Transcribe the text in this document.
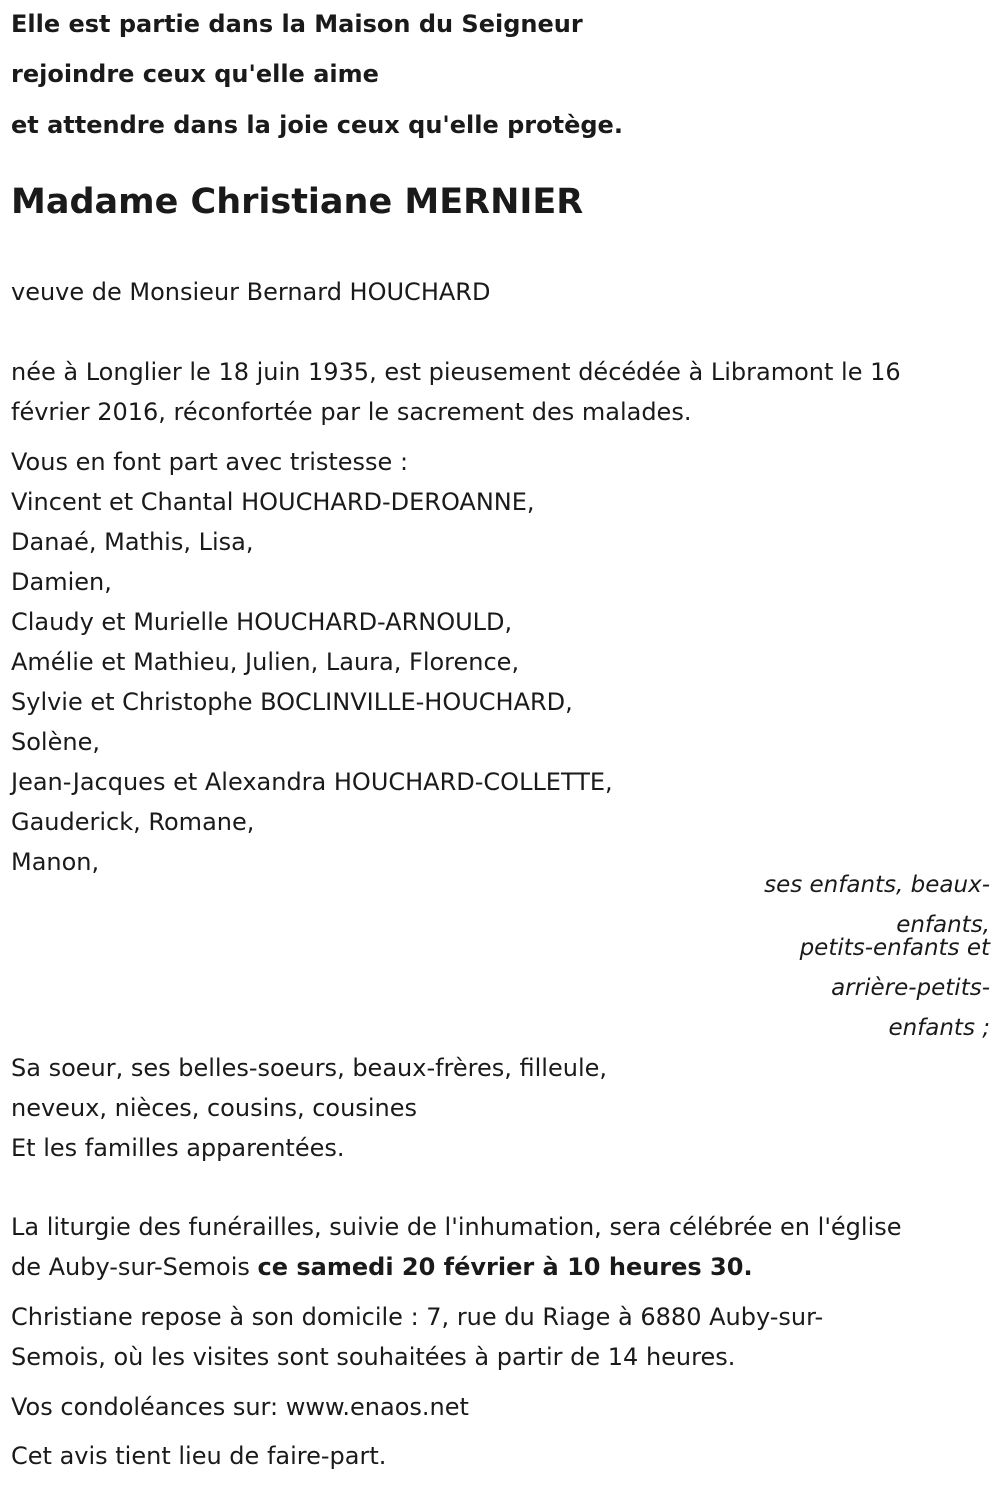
Elle est partie dans la Maison du Seigneur
rejoindre ceux qu'elle aime
et attendre dans la joie ceux qu'elle protège.
Madame Christiane MERNIER
veuve de Monsieur Bernard HOUCHARD
née à Longlier le 18 juin 1935, est pieusement décédée à Libramont le 16
février 2016, réconfortée par le sacrement des malades.
Vous en font part avec tristesse :
Vincent et Chantal HOUCHARD-DEROANNE,
Danaé, Mathis, Lisa,
Damien,
Claudy et Murielle HOUCHARD-ARNOULD,
Amélie et Mathieu, Julien, Laura, Florence,
Sylvie et Christophe BOCLINVILLE-HOUCHARD,
Solène,
Jean-Jacques et Alexandra HOUCHARD-COLLETTE,
Gauderick, Romane,
Manon,
ses enfants, beaux-
enfants,
petits-enfants et
arrière-petits-
enfants ;
Sa soeur, ses belles-soeurs, beaux-frères, filleule,
neveux, nièces, cousins, cousines
Et les familles apparentées.
La liturgie des funérailles, suivie de l'inhumation, sera célébrée en l'église
de Auby-sur-Semois ce samedi 20 février à 10 heures 30.
Christiane repose à son domicile : 7, rue du Riage à 6880 Auby-sur-
Semois, où les visites sont souhaitées à partir de 14 heures.
Vos condoléances sur: www.enaos.net
Cet avis tient lieu de faire-part.
